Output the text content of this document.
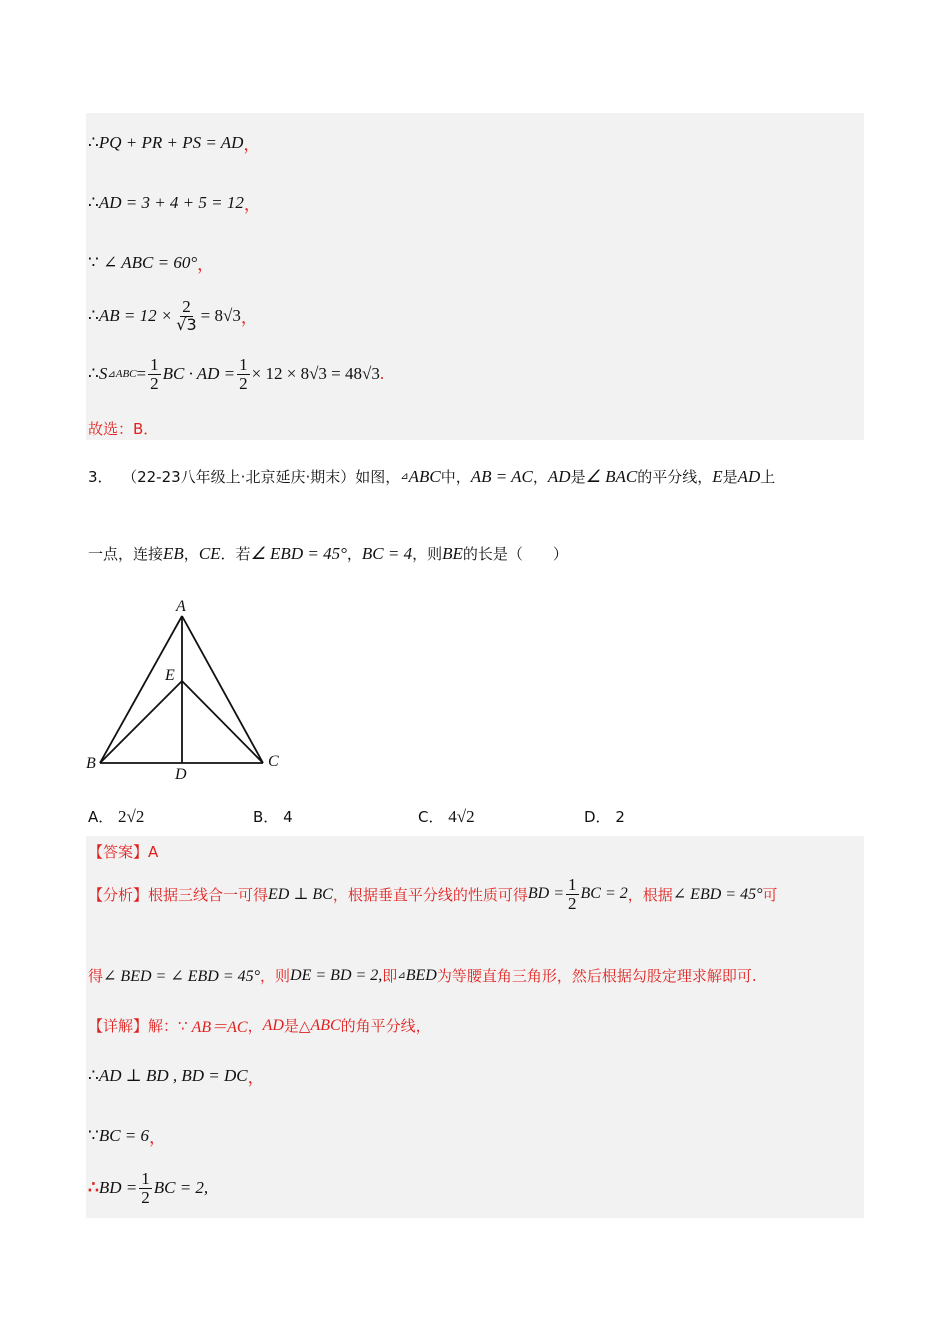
∴ PQ + PR + PS = AD ，
∴ AD = 3 + 4 + 5 = 12 ，
∵
∠ ABC = 60° ，
∴ AB = $12 \times \frac{2}{√3} = 8√3$ ，
∴ S ⊿ ABC = $\frac{1}{2}$ BC · AD = $\frac{1}{2} \times 12 \times 8√3 = 48√3$ .
故选：B．
3．
（22-23八年级上·北京延庆·期末）如图， ⊿ ABC 中， AB = AC ， AD 是 ∠ BAC 的平分线， E 是 AD 上
一点，连接 EB ， CE ．若 ∠ EBD = 45° ， BC = 4 ，则 BE 的长是（　　）
A
E
B	C
D
A． 2√2	B． 4	C． 4√2	D． 2
【答案】A
【分析】 根据三线合一可得 ED ⊥ BC ，根据垂直平分线的性质可得 BD = $\frac{1}{2}$ BC = 2 ，根据 ∠ EBD = 45° 可
得 ∠ BED = ∠ EBD = 45° ，则 DE = BD = 2, 即 ⊿ BED 为等腰直角三角形，然后根据勾股定理求解即可.
【详解】 解：∵
AB＝AC ， AD 是△ ABC 的角平分线，
∴ AD ⊥ BD , BD = DC ，
∵ BC = 6 ，
∴ BD = $\frac{1}{2}$ BC = 2,
